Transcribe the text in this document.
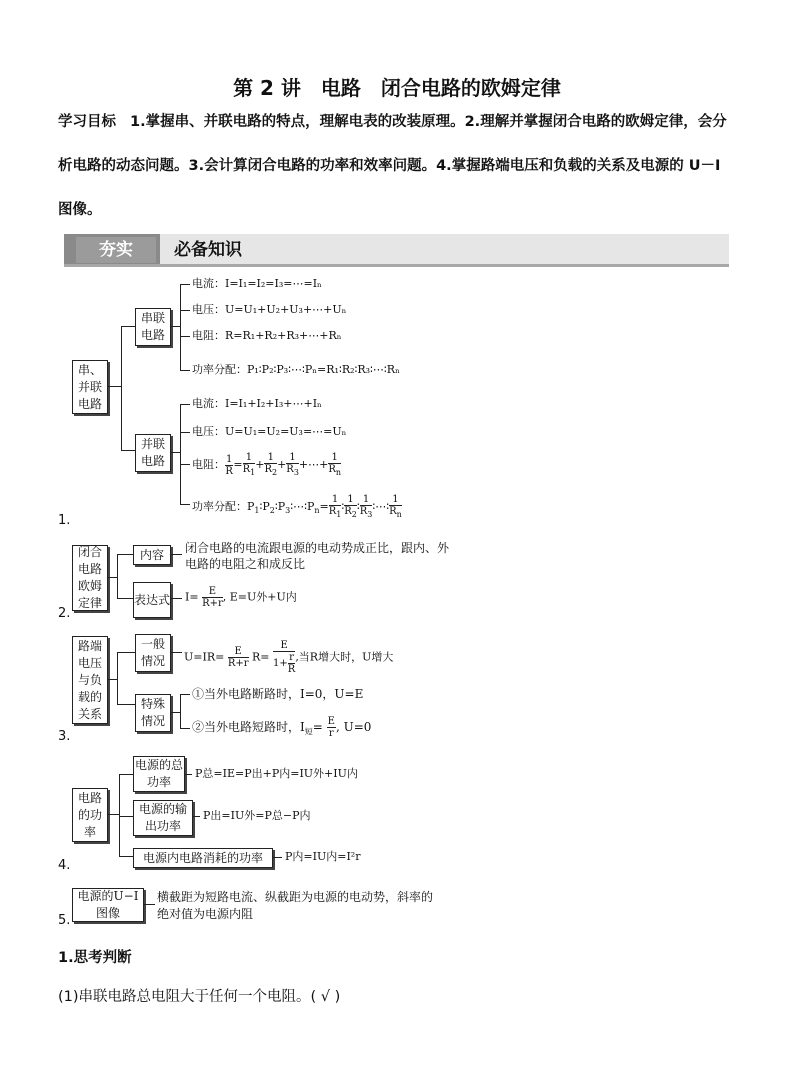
第 2 讲　电路　闭合电路的欧姆定律
学习目标 1.掌握串、并联电路的特点，理解电表的改装原理。2.理解并掌握闭合电路的欧姆定律，会分析电路的动态问题。3.会计算闭合电路的功率和效率问题。4.掌握路端电压和负载的关系及电源的 U－I 图像。
夯实	必备知识
串、并联电路
串联电路
并联电路
电流：I=I₁=I₂=I₃=⋯=Iₙ
电压：U=U₁+U₂+U₃+⋯+Uₙ
电阻：R=R₁+R₂+R₃+⋯+Rₙ
功率分配：P₁∶P₂∶P₃∶⋯∶Pₙ=R₁∶R₂∶R₃∶⋯∶Rₙ
电流：I=I₁+I₂+I₃+⋯+Iₙ
电压：U=U₁=U₂=U₃=⋯=Uₙ
电阻： $\frac{1}{R} = \frac{1}{R_1} + \frac{1}{R_2} + \frac{1}{R_3}$ +⋯+ $\frac{1}{R_n}$
功率分配：$P_1∶P_2∶P_3∶\cdots∶P_n= \frac{1}{R_1}$ ∶ $\frac{1}{R_2}$ ∶ $\frac{1}{R_3}$ ∶⋯∶ $\frac{1}{R_n}$
1.
闭合电路欧姆定律
内容
表达式
闭合电路的电流跟电源的电动势成正比，跟内、外
电路的电阻之和成反比
$I= \frac{E}{R+r}$ , E=U外+U内
2.
路端电压与负载的关系
一般情况
特殊情况
$U=IR= \frac{E}{R+r} R= \frac{E}{1+ \frac{r}{R}}$ ,当R增大时，U增大
①当外电路断路时，I=0，U=E
②当外电路短路时，$I_短= \frac{E}{r}$ , U=0
3.
电路的功率
电源的总功率
电源的输出功率
电源内电路消耗的功率
P总=IE=P出+P内=IU外+IU内
P出=IU外=P总−P内
P内=IU内=I²r
4.
电源的U−I图像
横截距为短路电流、纵截距为电源的电动势，斜率的
绝对值为电源内阻
5.
1.思考判断
(1)串联电路总电阻大于任何一个电阻。( √ )
